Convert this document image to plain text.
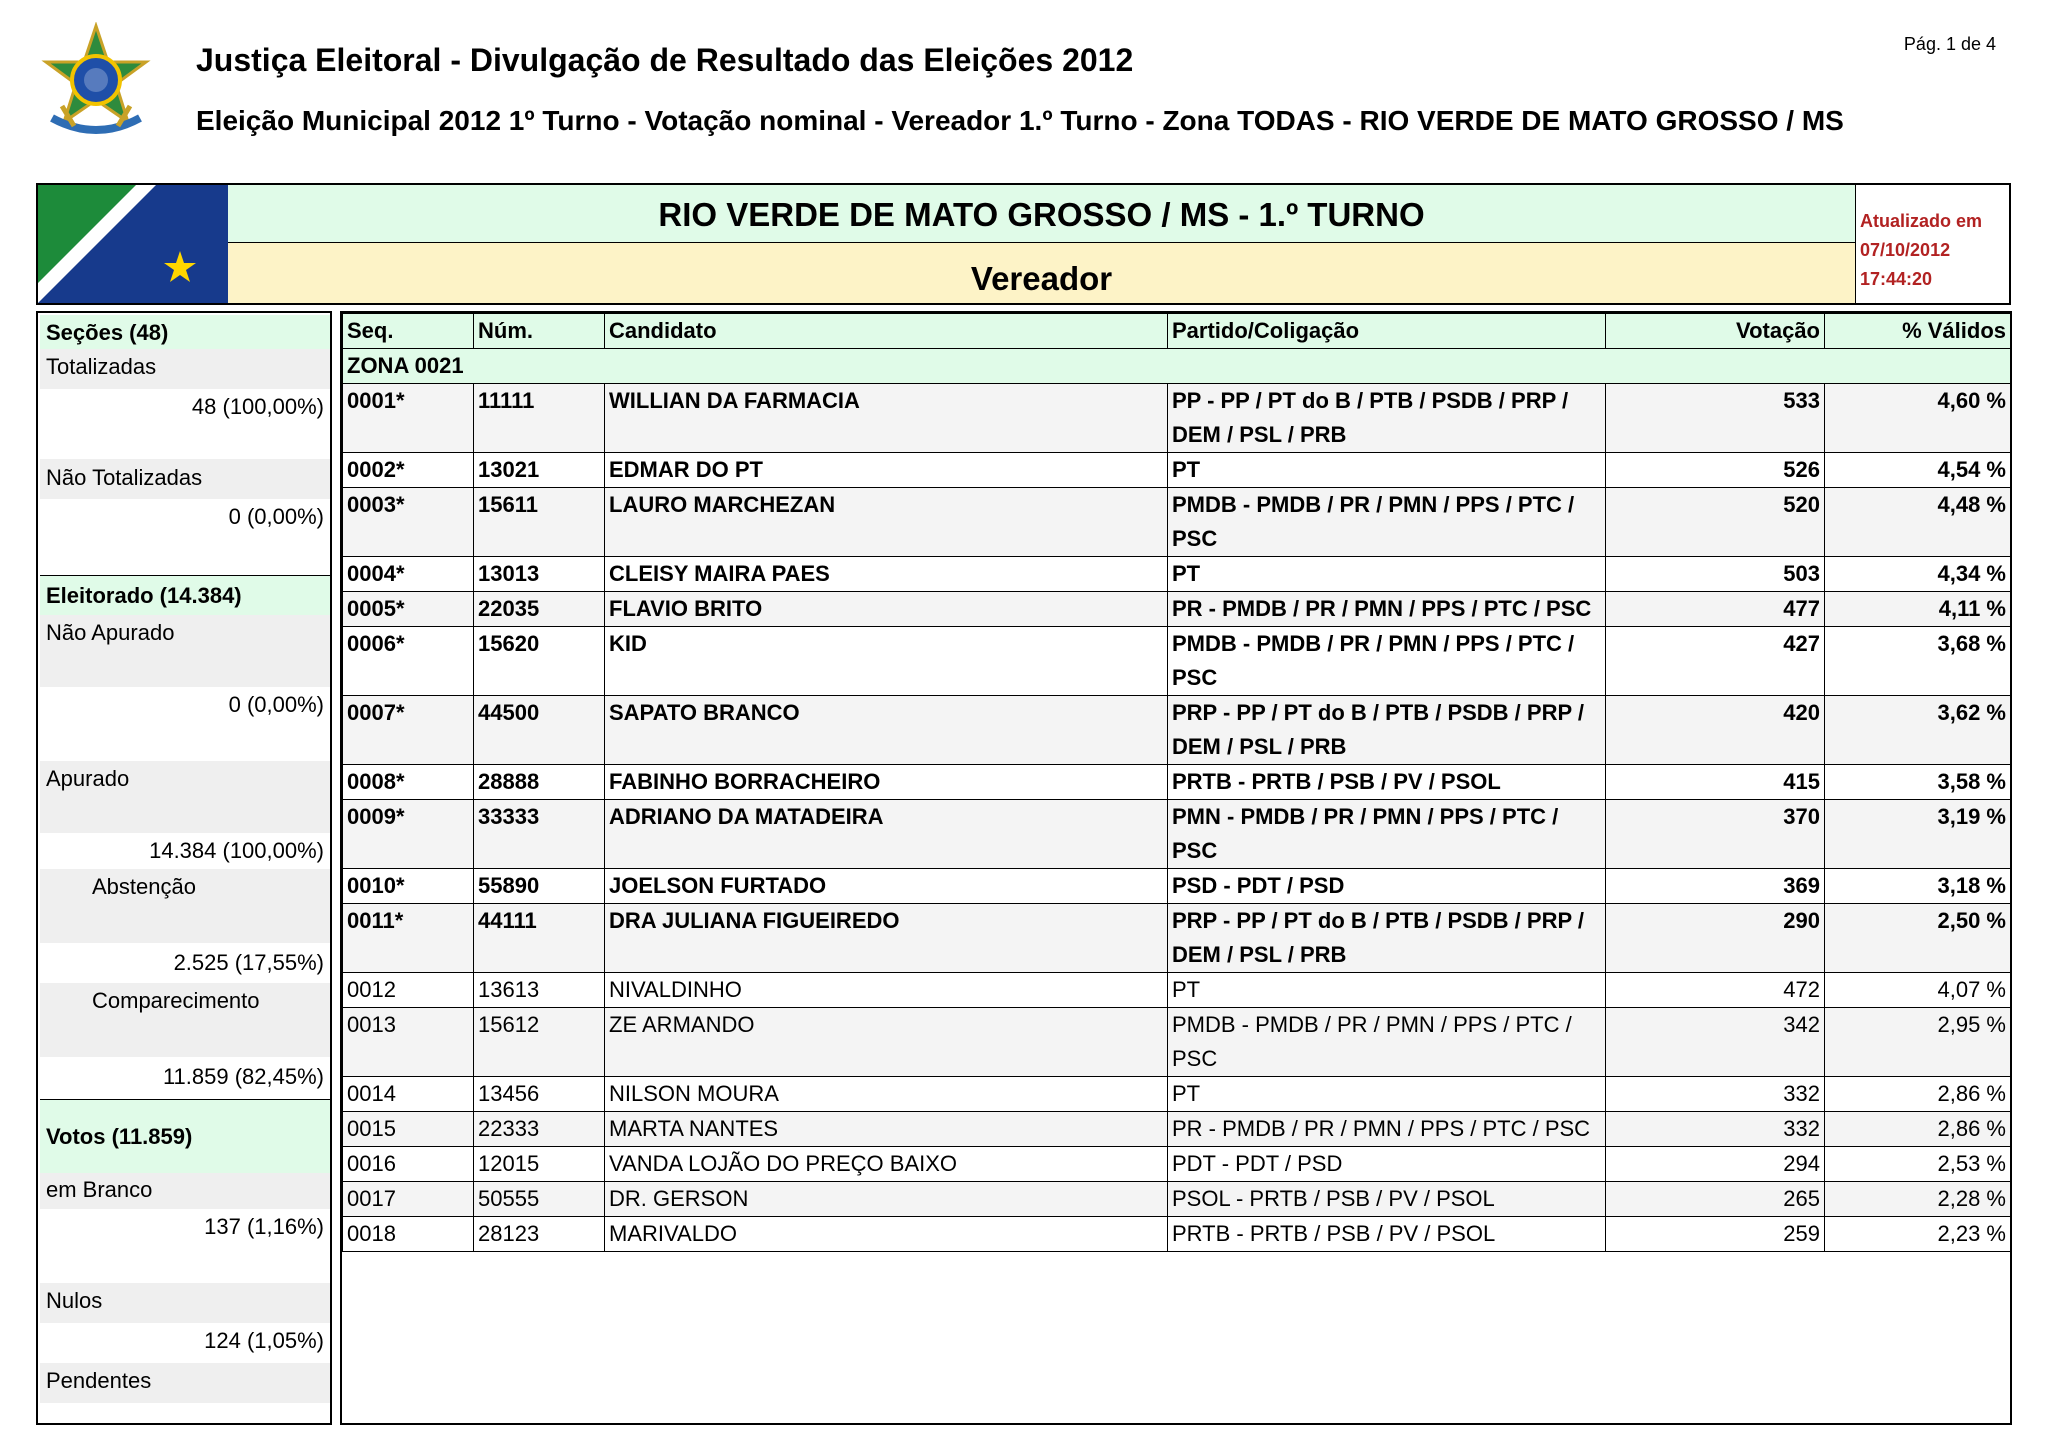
Justiça Eleitoral - Divulgação de Resultado das Eleições 2012
Eleição Municipal 2012 1º Turno - Votação nominal - Vereador 1.º Turno - Zona TODAS - RIO VERDE DE MATO GROSSO / MS
Pág. 1 de 4
RIO VERDE DE MATO GROSSO / MS - 1.º TURNO
Vereador
Atualizado em
07/10/2012
17:44:20
Seções (48)
Totalizadas
48 (100,00%)
Não Totalizadas
0 (0,00%)
Eleitorado (14.384)
Não Apurado
0 (0,00%)
Apurado
14.384 (100,00%)
Abstenção
2.525 (17,55%)
Comparecimento
11.859 (82,45%)
Votos (11.859)
em Branco
137 (1,16%)
Nulos
124 (1,05%)
Pendentes
Seq.	Núm.	Candidato	Partido/Coligação	Votação	% Válidos
ZONA 0021					
0001*	11111	WILLIAN DA FARMACIA	PP - PP / PT do B / PTB / PSDB / PRP / DEM / PSL / PRB	533	4,60 %
0002*	13021	EDMAR DO PT	PT	526	4,54 %
0003*	15611	LAURO MARCHEZAN	PMDB - PMDB / PR / PMN / PPS / PTC / PSC	520	4,48 %
0004*	13013	CLEISY MAIRA PAES	PT	503	4,34 %
0005*	22035	FLAVIO BRITO	PR - PMDB / PR / PMN / PPS / PTC / PSC	477	4,11 %
0006*	15620	KID	PMDB - PMDB / PR / PMN / PPS / PTC / PSC	427	3,68 %
0007*	44500	SAPATO BRANCO	PRP - PP / PT do B / PTB / PSDB / PRP / DEM / PSL / PRB	420	3,62 %
0008*	28888	FABINHO BORRACHEIRO	PRTB - PRTB / PSB / PV / PSOL	415	3,58 %
0009*	33333	ADRIANO DA MATADEIRA	PMN - PMDB / PR / PMN / PPS / PTC / PSC	370	3,19 %
0010*	55890	JOELSON FURTADO	PSD - PDT / PSD	369	3,18 %
0011*	44111	DRA JULIANA FIGUEIREDO	PRP - PP / PT do B / PTB / PSDB / PRP / DEM / PSL / PRB	290	2,50 %
0012	13613	NIVALDINHO	PT	472	4,07 %
0013	15612	ZE ARMANDO	PMDB - PMDB / PR / PMN / PPS / PTC / PSC	342	2,95 %
0014	13456	NILSON MOURA	PT	332	2,86 %
0015	22333	MARTA NANTES	PR - PMDB / PR / PMN / PPS / PTC / PSC	332	2,86 %
0016	12015	VANDA LOJÃO DO PREÇO BAIXO	PDT - PDT / PSD	294	2,53 %
0017	50555	DR. GERSON	PSOL - PRTB / PSB / PV / PSOL	265	2,28 %
0018	28123	MARIVALDO	PRTB - PRTB / PSB / PV / PSOL	259	2,23 %
